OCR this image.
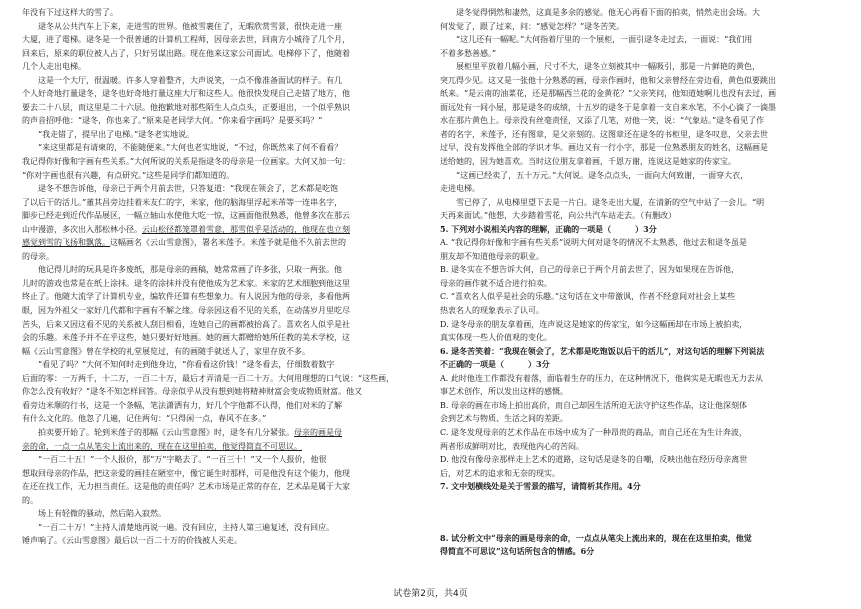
年没有下过这样大的雪了。

　　逯冬从公共汽车上下来，走进雪的世界。他被雪裹住了，无暇欣赏雪景，很快走进一座

大厦，进了電梯。逯冬是一个很普通的计算机工程师，因母亲去世，回南方小城待了几个月，

回来后，原来的职位被人占了，只好另谋出路。现在他来这家公司面试。电梯停下了，他随着

几个人走出电梯。

　　这是一个大厅，很温暖。许多人穿着整齐，大声说笑，一点不像准备面试的样子。有几

个人好奇地打量逯冬，逯冬也好奇地打量这座大厅和这些人。他很快发现自己走错了地方，他

要去二十八层，而这里是二十六层。他抱歉地对那些陌生人点点头，正要退出，一个似乎熟识

的声音招呼他：“逯冬，你也来了。”原来是老同学大何。“你来看字画吗？是要买吗？”

　　“我走错了，提早出了电梯。”逯冬老实地说。

　　“来这里都是有请柬的，不能随便来。”大何也老实地说，“不过，你既然来了何不看看？

我记得你好像和字画有些关系。”大何所说的关系是指逯冬的母亲是一位画家。大何又加一句：

“你对字画也很有兴趣，有点研究。”这些是同学们都知道的。

　　逯冬不想告诉他，母亲已于两个月前去世，只答复道：“我现在领会了，艺术都是吃饱

了以后干的活儿。”董其昌旁边挂着米友仁的字，米家，他的脑海里浮起米芾等一连串名字，

脚步已经走到近代作品展区，一幅立轴山水使他大吃一惊，这画面他很熟悉，他曾多次在那云

山中漫游，多次出入那松林小径。云山松径都笼罩着雪意，那雪似乎是活动的，他现在也立刻

感觉到雪的飞扬和飘落。这幅画名《云山雪意图》，署名米莲予。米莲予就是他不久前去世的

的母亲。

　　他记得儿时的玩具是许多废纸，那是母亲的画稿，她常常画了许多张，只取一两张。他

儿时的游戏也常是在纸上涂抹。逯冬的涂抹并没有使他成为艺术家。米家的艺术细胞到他这里

终止了。他随大流学了计算机专业，编软件还算有些想象力。有人说因为他的母亲，多看他两

眼，因为外祖父一家好几代都和字画有不解之缘。母亲因这看不见的关系，在动荡岁月里吃尽

苦头，后来又因这看不见的关系被人刮目相看，连她自己的画都被抬高了。喜欢名人似乎是社

会的乐趣。米莲予并不在乎这些，她只要好好地画。她的画大都赠给她所任教的美术学校，这

幅《云山雪意图》曾在学校的礼堂展览过，有的画随手就送人了，家里存放不多。

　　“看见了吗？”大何不知何时走到他身边，“你看看这价钱！”逯冬看去，仔细数着数字

后面的零：一万两千，十二万，一百二十万，最后才弄清是一百二十万。大何用理想的口气说：“这些画，

你怎么没有收好？”逯冬不知怎样回答。母亲似乎从没有想到她将精神财富会变成物质财富。他又

看旁边米顺的行书，这是一个条幅，笔法潇洒有力，好几个字他都不认得，他们对米的了解

有什么文化的。他忽了几遍，记住两句：“只得闲一点，春风不在多。”

　　拍卖要开始了。轮到米莲子的那幅《云山雪意图》时，逯冬有几分紧张。母亲的画是母

亲的命，一点一点从笔尖上流出来的，现在在这里拍卖，他觉得简直不可思议。

　　“一百二十五！”一个人报价，那“万”字略去了。“一百三十！”又一个人报价，他很

想取回母亲的作品，把这亲爱的画挂在陋室中，像它诞生时那样，可是他没有这个能力，他现

在还在找工作，无力担当责任。这是他的责任吗？艺术市场是正常的存在，艺术品是属于大家

的。

　　场上有轻微的骚动，然后陷入寂然。

　　“一百二十万！”主持人清楚地再说一遍。没有回应，主持人第三遍复述，没有回应。

锤声响了。《云山雪意图》最后以一百二十万的价钱被人买走。

　　逯冬觉得惘然和凄然，这真是多余的感觉。他无心再看下面的拍卖，悄然走出会场。大

何发觉了，跟了过来，问：“感觉怎样？”逯冬苦笑。

　　“这儿还有一幅呢。”大何指着厅里的一个展柜，一面引逯冬走过去，一面说：“我们用

不着多愁善感。”

　　展柜里平放着几幅小画，尺寸不大，逯冬立刻被其中一幅吸引，那是一片鲜艳的黄色，

突兀得少见。这又是一张他十分熟悉的画，母亲作画时，他和父亲曾经在旁边看，黄色似要跳出

纸来。“是云南的油菜花，还是那幅西兰花的金黄花？”父亲笑问，他知道她啊儿也没有去过，画

面远处有一间小屋，那是逯冬的成绩，十五岁的逯冬于是拿着一支自来水笔，不小心滴了一滴墨

水在那片黄色上。母亲没有丝毫责怪，又添了几笔，对他一笑，说：“气象站。”逯冬看见了作

者的名字，米莲予，还有图章，是父亲刻的。这图章还在逯冬的书柜里，逯冬叹息，父亲去世

过早，没有发挥他全部的学识才华。画边又有一行小字，那是一位熟悉朋友的姓名，这幅画是

送给她的，因为她喜欢。当时这位朋友拿着画，千恩万谢，连说这是她家的传家宝。

　　“这画已经卖了，五十万元。”大何说。逯冬点点头，一面向大何致谢，一面穿大衣，

走进电梯。

　　雪已停了，从电梯里望下去是一片白。逯冬走出大厦，在清新的空气中站了一会儿。“明

天再来面试。”他想，大步踏着雪花，向公共汽车站走去。（有删改）

5. 下列对小说相关内容的理解，正确的一项是（　　　）3分

A. “我记得你好像和字画有些关系”说明大何对逯冬的情况不太熟悉，他过去和逯冬虽是

朋友却不知道他母亲的职业。

B. 逯冬实在不想告诉大何，自己的母亲已于两个月前去世了，因为如果现在告诉他，

母亲的画作就不适合进行拍卖。

C. “喜欢名人似乎是社会的乐趣。”这句话在文中带激讽，作者不经意间对社会上某些

热衷名人的现象表示了认可。

D. 逯冬母亲的朋友拿着画，连声说这是她家的传家宝，如今这幅画却在市场上被拍卖，

真实体现一些人价值观的变化。

6. 逯冬苦笑着：“我现在领会了，艺术都是吃饱饭以后干的活儿”，对这句话的理解下列说法

不正确的一项是（　　　）3分

A. 此时他连工作都没有着落，面临着生存的压力，在这种情况下，他倘实是无暇也无力去从

事艺术创作，所以发出这样的感慨。

B. 母亲的画在市场上拍出高价，而自己却因生活所迫无法守护这些作品，这让他深刻体

会到艺术与物质、生活之间的差距。

C. 逯冬发现母亲的艺术作品在市场中成为了一种昂贵的商品，而自己还在为生计奔波，

两者形成鲜明对比，表现他内心的苦闷。

D. 他没有像母亲那样走上艺术的道路，这句话是逯冬的自嘲，反映出他在经历母亲离世

后，对艺术的追求和无奈的现实。

7. 文中划横线处是关于雪景的描写，请简析其作用。4分

8. 试分析文中“母亲的画是母亲的命，一点点从笔尖上流出来的，现在在这里拍卖，他觉

得简直不可思议”这句话所包含的情感。6分

试卷第2页，共4页
